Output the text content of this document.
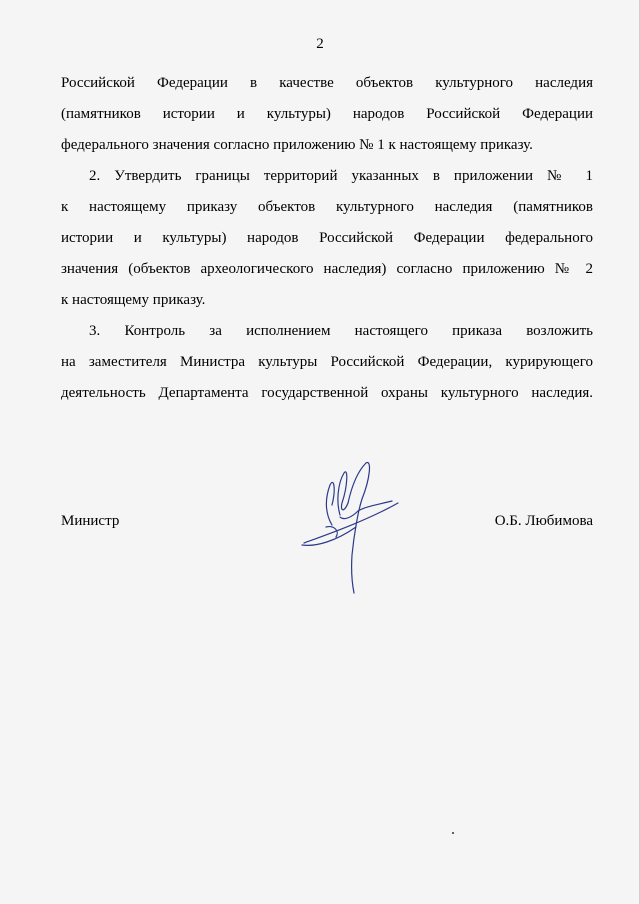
2
Российской Федерации в качестве объектов культурного наследия
(памятников истории и культуры) народов Российской Федерации
федерального значения согласно приложению № 1 к настоящему приказу.
2. Утвердить границы территорий указанных в приложении № 1
к настоящему приказу объектов культурного наследия (памятников
истории и культуры) народов Российской Федерации федерального
значения (объектов археологического наследия) согласно приложению № 2
к настоящему приказу.
3. Контроль за исполнением настоящего приказа возложить
на заместителя Министра культуры Российской Федерации, курирующего
деятельность Департамента государственной охраны культурного наследия.
Министр	О.Б. Любимова
